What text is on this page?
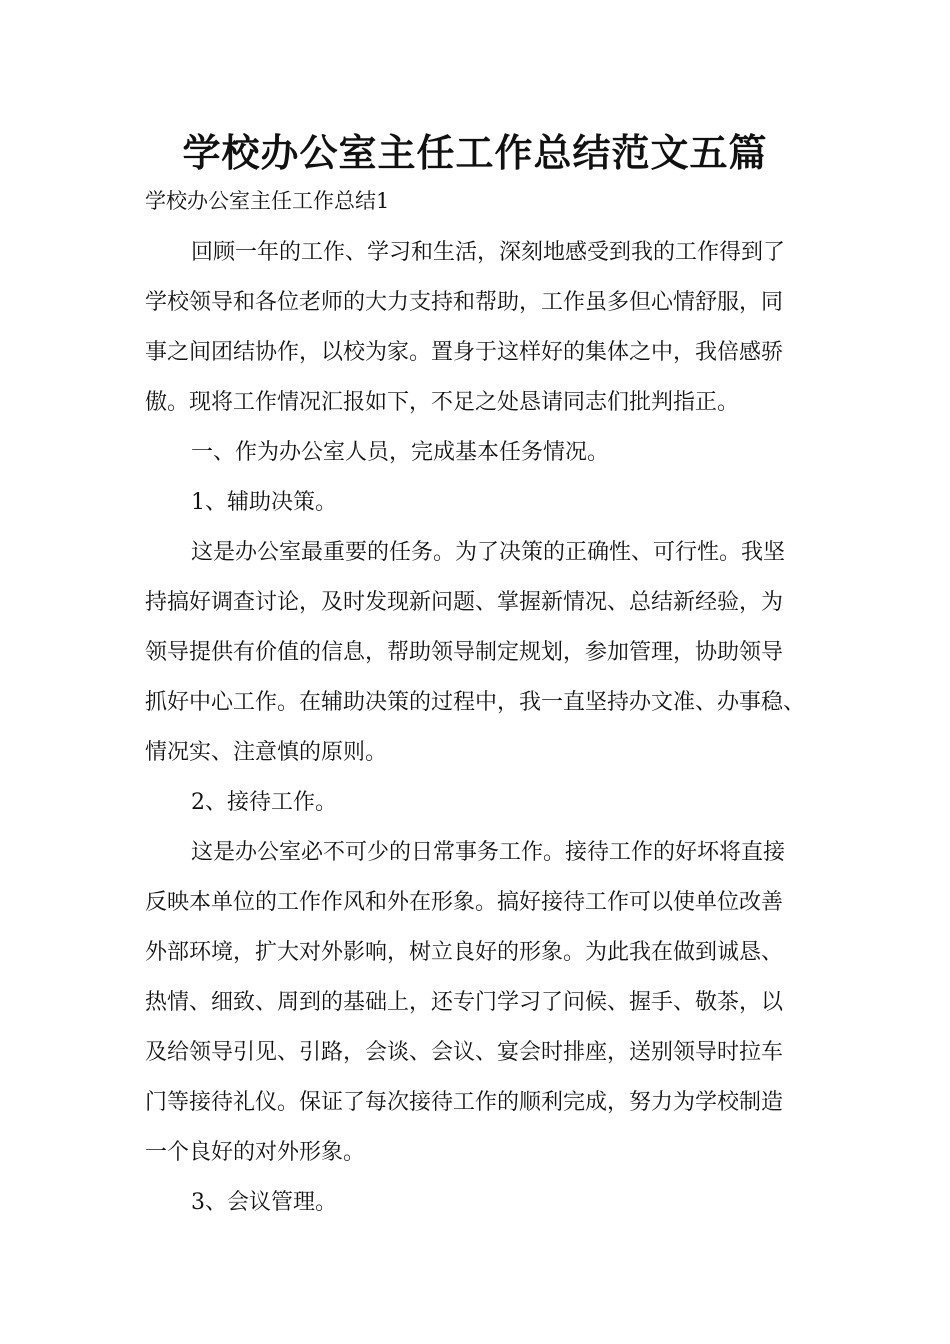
学校办公室主任工作总结范文五篇
学校办公室主任工作总结1
回顾一年的工作、学习和生活，深刻地感受到我的工作得到了
学校领导和各位老师的大力支持和帮助，工作虽多但心情舒服，同
事之间团结协作，以校为家。置身于这样好的集体之中，我倍感骄
傲。现将工作情况汇报如下，不足之处恳请同志们批判指正。
一、作为办公室人员，完成基本任务情况。
1、辅助决策。
这是办公室最重要的任务。为了决策的正确性、可行性。我坚
持搞好调查讨论，及时发现新问题、掌握新情况、总结新经验，为
领导提供有价值的信息，帮助领导制定规划，参加管理，协助领导
抓好中心工作。在辅助决策的过程中，我一直坚持办文准、办事稳、
情况实、注意慎的原则。
2、接待工作。
这是办公室必不可少的日常事务工作。接待工作的好坏将直接
反映本单位的工作作风和外在形象。搞好接待工作可以使单位改善
外部环境，扩大对外影响，树立良好的形象。为此我在做到诚恳、
热情、细致、周到的基础上，还专门学习了问候、握手、敬茶，以
及给领导引见、引路，会谈、会议、宴会时排座，送别领导时拉车
门等接待礼仪。保证了每次接待工作的顺利完成，努力为学校制造
一个良好的对外形象。
3、会议管理。
